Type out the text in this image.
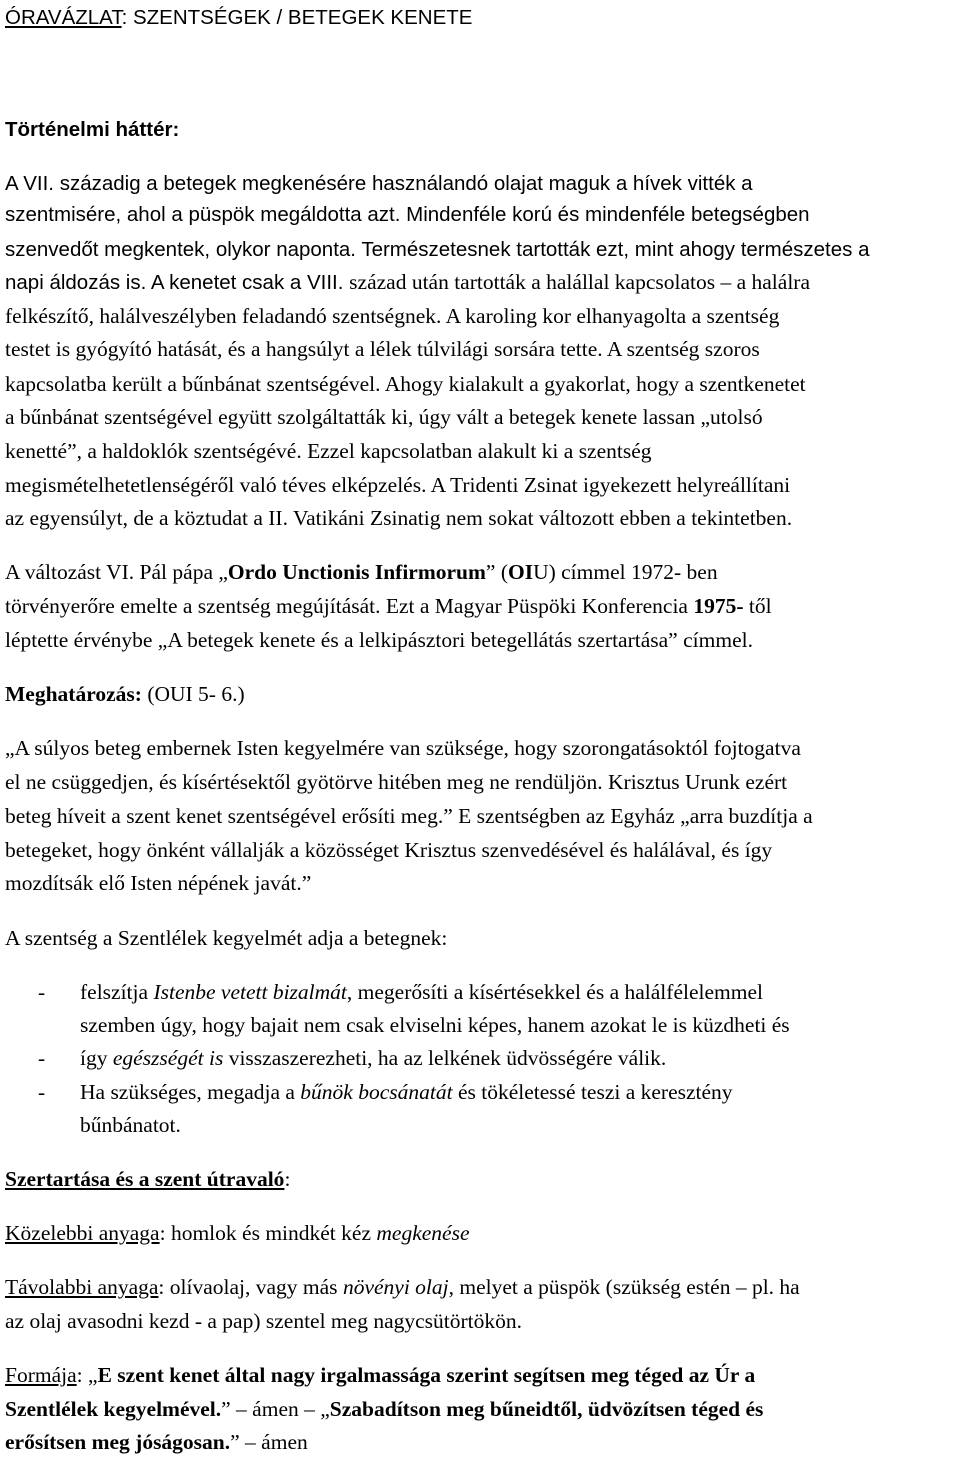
ÓRAVÁZLAT: SZENTSÉGEK / BETEGEK KENETE
Történelmi háttér:
A VII. századig a betegek megkenésére használandó olajat maguk a hívek vitték a
szentmisére, ahol a püspök megáldotta azt. Mindenféle korú és mindenféle betegségben
szenvedőt megkentek, olykor naponta. Természetesnek tartották ezt, mint ahogy természetes a
napi áldozás is. A kenetet csak a VIII. század után tartották a halállal kapcsolatos – a halálra
felkészítő, halálveszélyben feladandó szentségnek. A karoling kor elhanyagolta a szentség
testet is gyógyító hatását, és a hangsúlyt a lélek túlvilági sorsára tette. A szentség szoros
kapcsolatba került a bűnbánat szentségével. Ahogy kialakult a gyakorlat, hogy a szentkenetet
a bűnbánat szentségével együtt szolgáltatták ki, úgy vált a betegek kenete lassan „utolsó
kenetté”, a haldoklók szentségévé. Ezzel kapcsolatban alakult ki a szentség
megismételhetetlenségéről való téves elképzelés. A Tridenti Zsinat igyekezett helyreállítani
az egyensúlyt, de a köztudat a II. Vatikáni Zsinatig nem sokat változott ebben a tekintetben.
A változást VI. Pál pápa „Ordo Unctionis Infirmorum” (OIU) címmel 1972- ben
törvényerőre emelte a szentség megújítását. Ezt a Magyar Püspöki Konferencia 1975- től
léptette érvénybe „A betegek kenete és a lelkipásztori betegellátás szertartása” címmel.
Meghatározás: (OUI 5- 6.)
„A súlyos beteg embernek Isten kegyelmére van szüksége, hogy szorongatásoktól fojtogatva
el ne csüggedjen, és kísértésektől gyötörve hitében meg ne rendüljön. Krisztus Urunk ezért
beteg híveit a szent kenet szentségével erősíti meg.” E szentségben az Egyház „arra buzdítja a
betegeket, hogy önként vállalják a közösséget Krisztus szenvedésével és halálával, és így
mozdítsák elő Isten népének javát.”
A szentség a Szentlélek kegyelmét adja a betegnek:
- felszítja Istenbe vetett bizalmát, megerősíti a kísértésekkel és a halálfélelemmel
szemben úgy, hogy bajait nem csak elviselni képes, hanem azokat le is küzdheti és
- így egészségét is visszaszerezheti, ha az lelkének üdvösségére válik.
- Ha szükséges, megadja a bűnök bocsánatát és tökéletessé teszi a keresztény
bűnbánatot.
Szertartása és a szent útravaló:
Közelebbi anyaga: homlok és mindkét kéz megkenése
Távolabbi anyaga: olívaolaj, vagy más növényi olaj, melyet a püspök (szükség estén – pl. ha
az olaj avasodni kezd - a pap) szentel meg nagycsütörtökön.
Formája: „E szent kenet által nagy irgalmassága szerint segítsen meg téged az Úr a
Szentlélek kegyelmével.” – ámen – „Szabadítson meg bűneidtől, üdvözítsen téged és
erősítsen meg jóságosan.” – ámen
